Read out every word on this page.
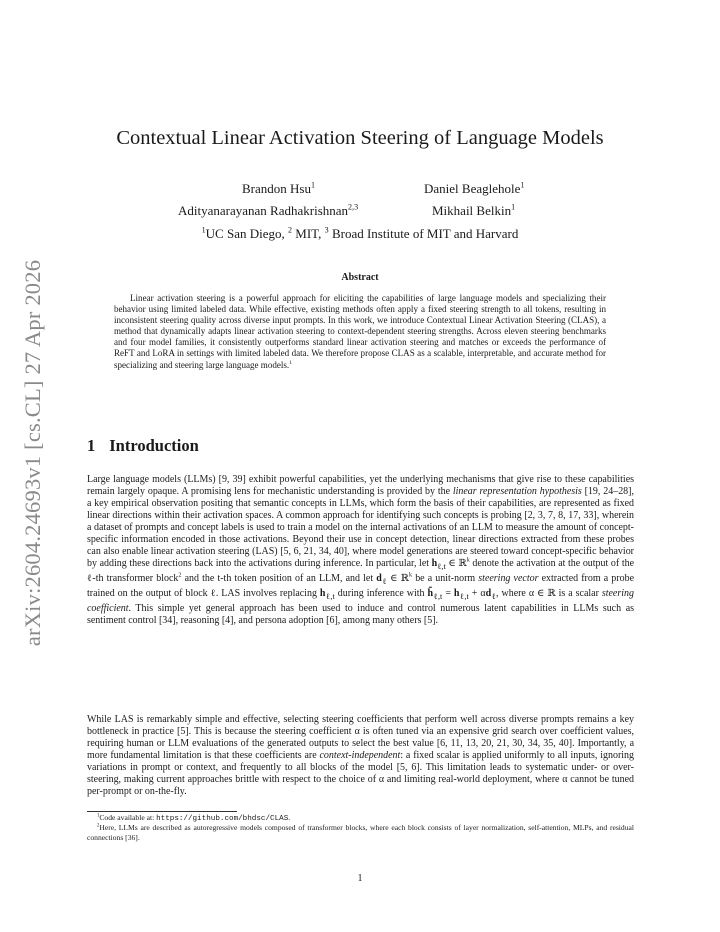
arXiv:2604.24693v1 [cs.CL] 27 Apr 2026
Contextual Linear Activation Steering of Language Models
Brandon Hsu$^1$	Daniel Beaglehole$^1$
Adityanarayanan Radhakrishnan$^{2,3}$	Mikhail Belkin$^1$
$^1$UC San Diego, $^2$ MIT, $^3$ Broad Institute of MIT and Harvard
Abstract
Linear activation steering is a powerful approach for eliciting the capabilities of large language models and specializing their behavior using limited labeled data. While effective, existing methods often apply a fixed steering strength to all tokens, resulting in inconsistent steering quality across diverse input prompts. In this work, we introduce Contextual Linear Activation Steering (CLAS), a method that dynamically adapts linear activation steering to context-dependent steering strengths. Across eleven steering benchmarks and four model families, it consistently outperforms standard linear activation steering and matches or exceeds the performance of ReFT and LoRA in settings with limited labeled data. We therefore propose CLAS as a scalable, interpretable, and accurate method for specializing and steering large language models.$^1$
1 Introduction
Large language models (LLMs) [9, 39] exhibit powerful capabilities, yet the underlying mechanisms that give rise to these capabilities remain largely opaque. A promising lens for mechanistic understanding is provided by the linear representation hypothesis [19, 24–28], a key empirical observation positing that semantic concepts in LLMs, which form the basis of their capabilities, are represented as fixed linear directions within their activation spaces. A common approach for identifying such concepts is probing [2, 3, 7, 8, 17, 33], wherein a dataset of prompts and concept labels is used to train a model on the internal activations of an LLM to measure the amount of concept-specific information encoded in those activations. Beyond their use in concept detection, linear directions extracted from these probes can also enable linear activation steering (LAS) [5, 6, 21, 34, 40], where model generations are steered toward concept-specific behavior by adding these directions back into the activations during inference. In particular, let $h_{\ell,t}$ ∈ ℝ$^k$ denote the activation at the output of the ℓ-th transformer block$^2$ and the t-th token position of an LLM, and let $d_\ell$ ∈ ℝ$^k$ be a unit-norm steering vector extracted from a probe trained on the output of block ℓ. LAS involves replacing $h_{\ell,t}$ during inference with $h̃_{\ell,t} = h_{\ell,t} + \alpha d_\ell$, where α ∈ ℝ is a scalar steering coefficient. This simple yet general approach has been used to induce and control numerous latent capabilities in LLMs such as sentiment control [34], reasoning [4], and persona adoption [6], among many others [5].
While LAS is remarkably simple and effective, selecting steering coefficients that perform well across diverse prompts remains a key bottleneck in practice [5]. This is because the steering coefficient α is often tuned via an expensive grid search over coefficient values, requiring human or LLM evaluations of the generated outputs to select the best value [6, 11, 13, 20, 21, 30, 34, 35, 40]. Importantly, a more fundamental limitation is that these coefficients are context-independent: a fixed scalar is applied uniformly to all inputs, ignoring variations in prompt or context, and frequently to all blocks of the model [5, 6]. This limitation leads to systematic under- or over-steering, making current approaches brittle with respect to the choice of α and limiting real-world deployment, where α cannot be tuned per-prompt or on-the-fly.
$^1$Code available at: https://github.com/bhdsc/CLAS.
$^2$Here, LLMs are described as autoregressive models composed of transformer blocks, where each block consists of layer normalization, self-attention, MLPs, and residual connections [36].
1
